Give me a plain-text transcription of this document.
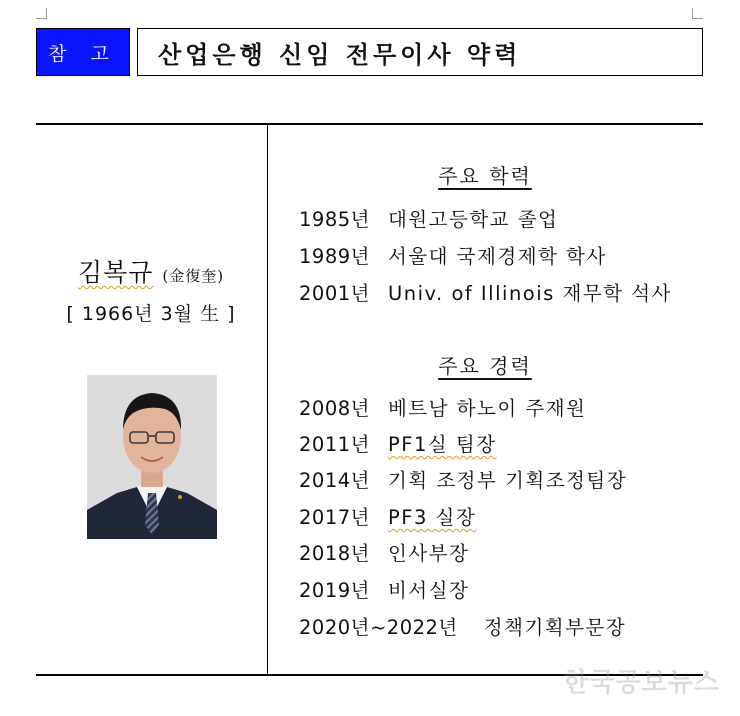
참 고	산업은행 신임 전무이사 약력
김복규 (金復奎)
[ 1966년 3월 生 ]
주요 학력
1985년 대원고등학교 졸업
1989년 서울대 국제경제학 학사
2001년 Univ. of Illinois 재무학 석사
주요 경력
2008년 베트남 하노이 주재원
2011년 PF1실 팀장
2014년 기획 조정부 기획조정팀장
2017년 PF3 실장
2018년 인사부장
2019년 비서실장
2020년~2022년 정책기획부문장
한국공보뉴스
